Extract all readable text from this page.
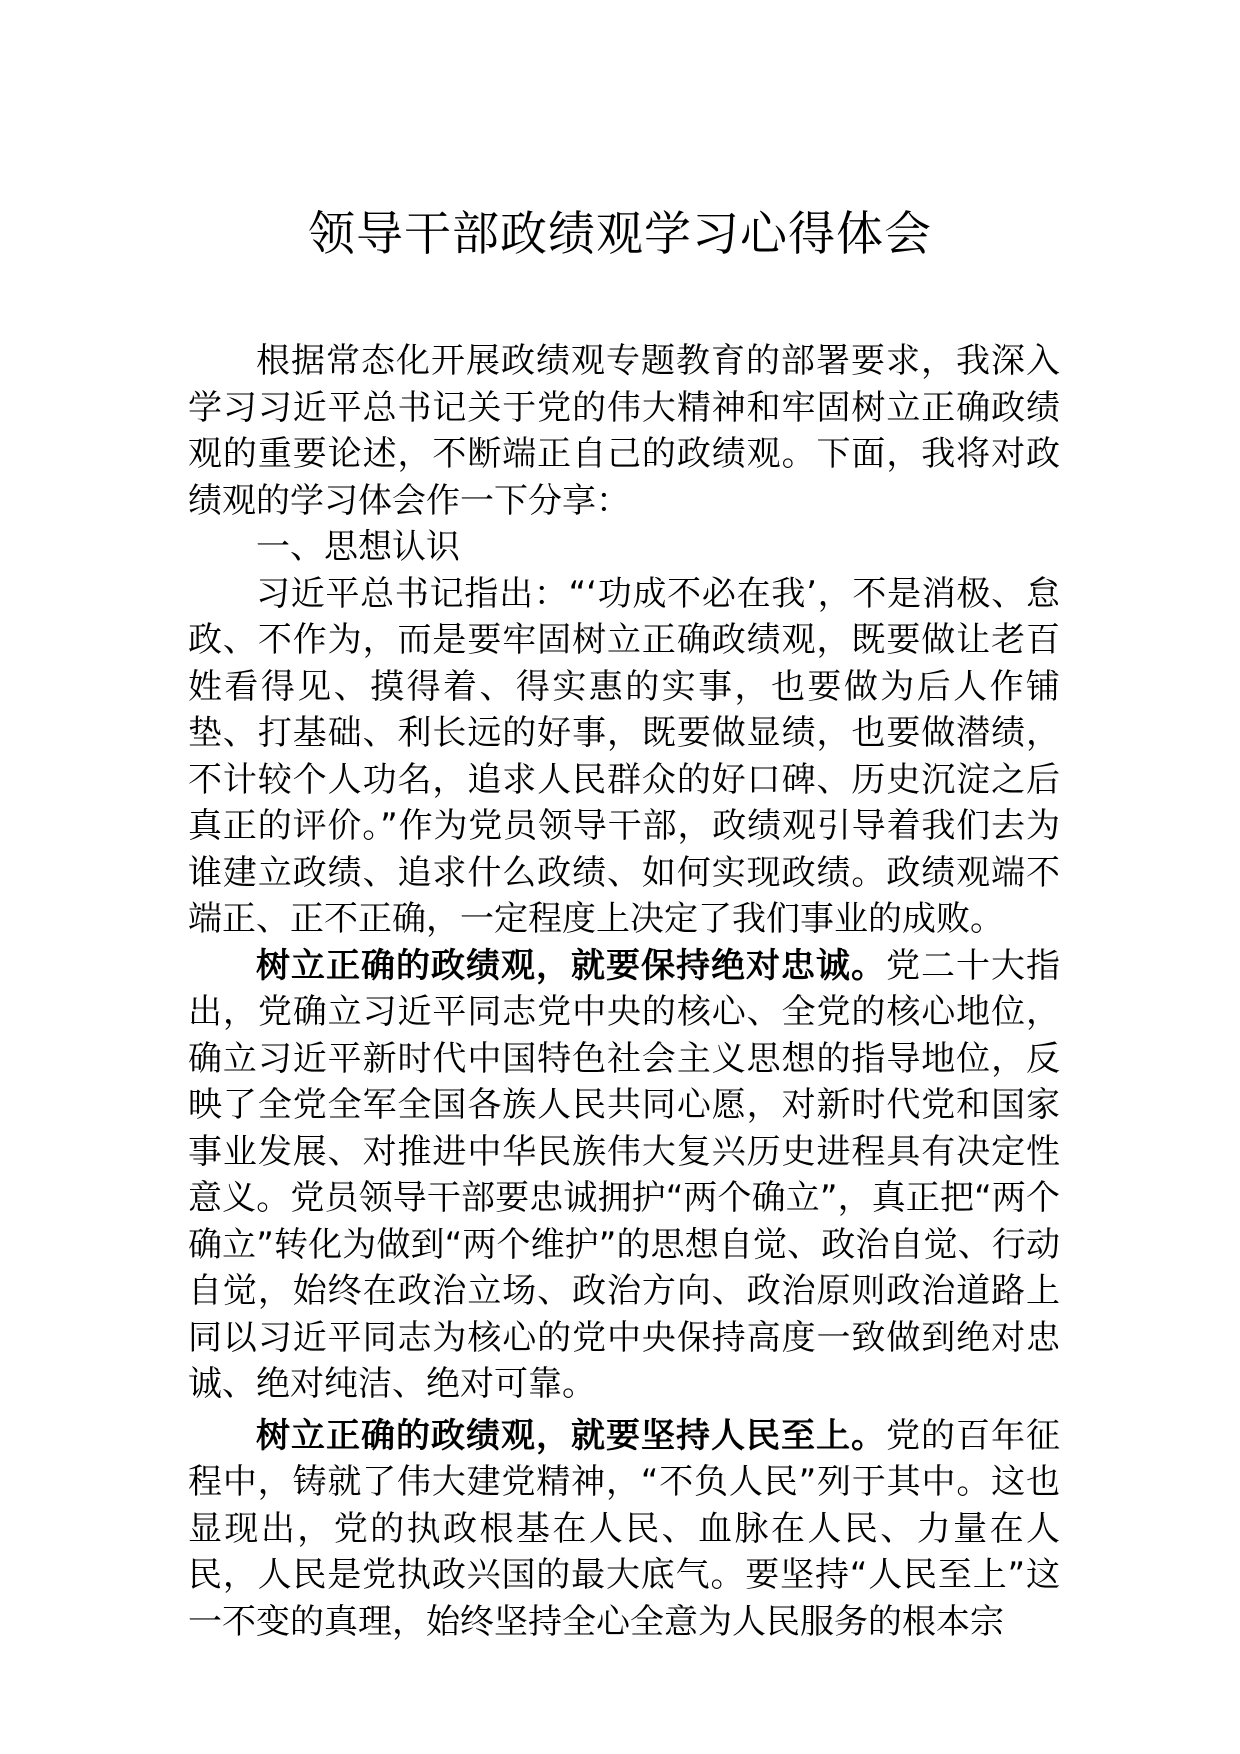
领导干部政绩观学习心得体会

根据常态化开展政绩观专题教育的部署要求，我深入学习习近平总书记关于党的伟大精神和牢固树立正确政绩观的重要论述，不断端正自己的政绩观。下面，我将对政绩观的学习体会作一下分享：

一、思想认识

习近平总书记指出：“‘功成不必在我’，不是消极、怠政、不作为，而是要牢固树立正确政绩观，既要做让老百姓看得见、摸得着、得实惠的实事，也要做为后人作铺垫、打基础、利长远的好事，既要做显绩，也要做潜绩，不计较个人功名，追求人民群众的好口碑、历史沉淀之后真正的评价。”作为党员领导干部，政绩观引导着我们去为谁建立政绩、追求什么政绩、如何实现政绩。政绩观端不端正、正不正确，一定程度上决定了我们事业的成败。

树立正确的政绩观，就要保持绝对忠诚。党二十大指出，党确立习近平同志党中央的核心、全党的核心地位，确立习近平新时代中国特色社会主义思想的指导地位，反映了全党全军全国各族人民共同心愿，对新时代党和国家事业发展、对推进中华民族伟大复兴历史进程具有决定性意义。党员领导干部要忠诚拥护“两个确立”，真正把“两个确立”转化为做到“两个维护”的思想自觉、政治自觉、行动自觉，始终在政治立场、政治方向、政治原则政治道路上同以习近平同志为核心的党中央保持高度一致做到绝对忠诚、绝对纯洁、绝对可靠。

树立正确的政绩观，就要坚持人民至上。党的百年征程中，铸就了伟大建党精神，“不负人民”列于其中。这也显现出，党的执政根基在人民、血脉在人民、力量在人民，人民是党执政兴国的最大底气。要坚持“人民至上”这一不变的真理，始终坚持全心全意为人民服务的根本宗
